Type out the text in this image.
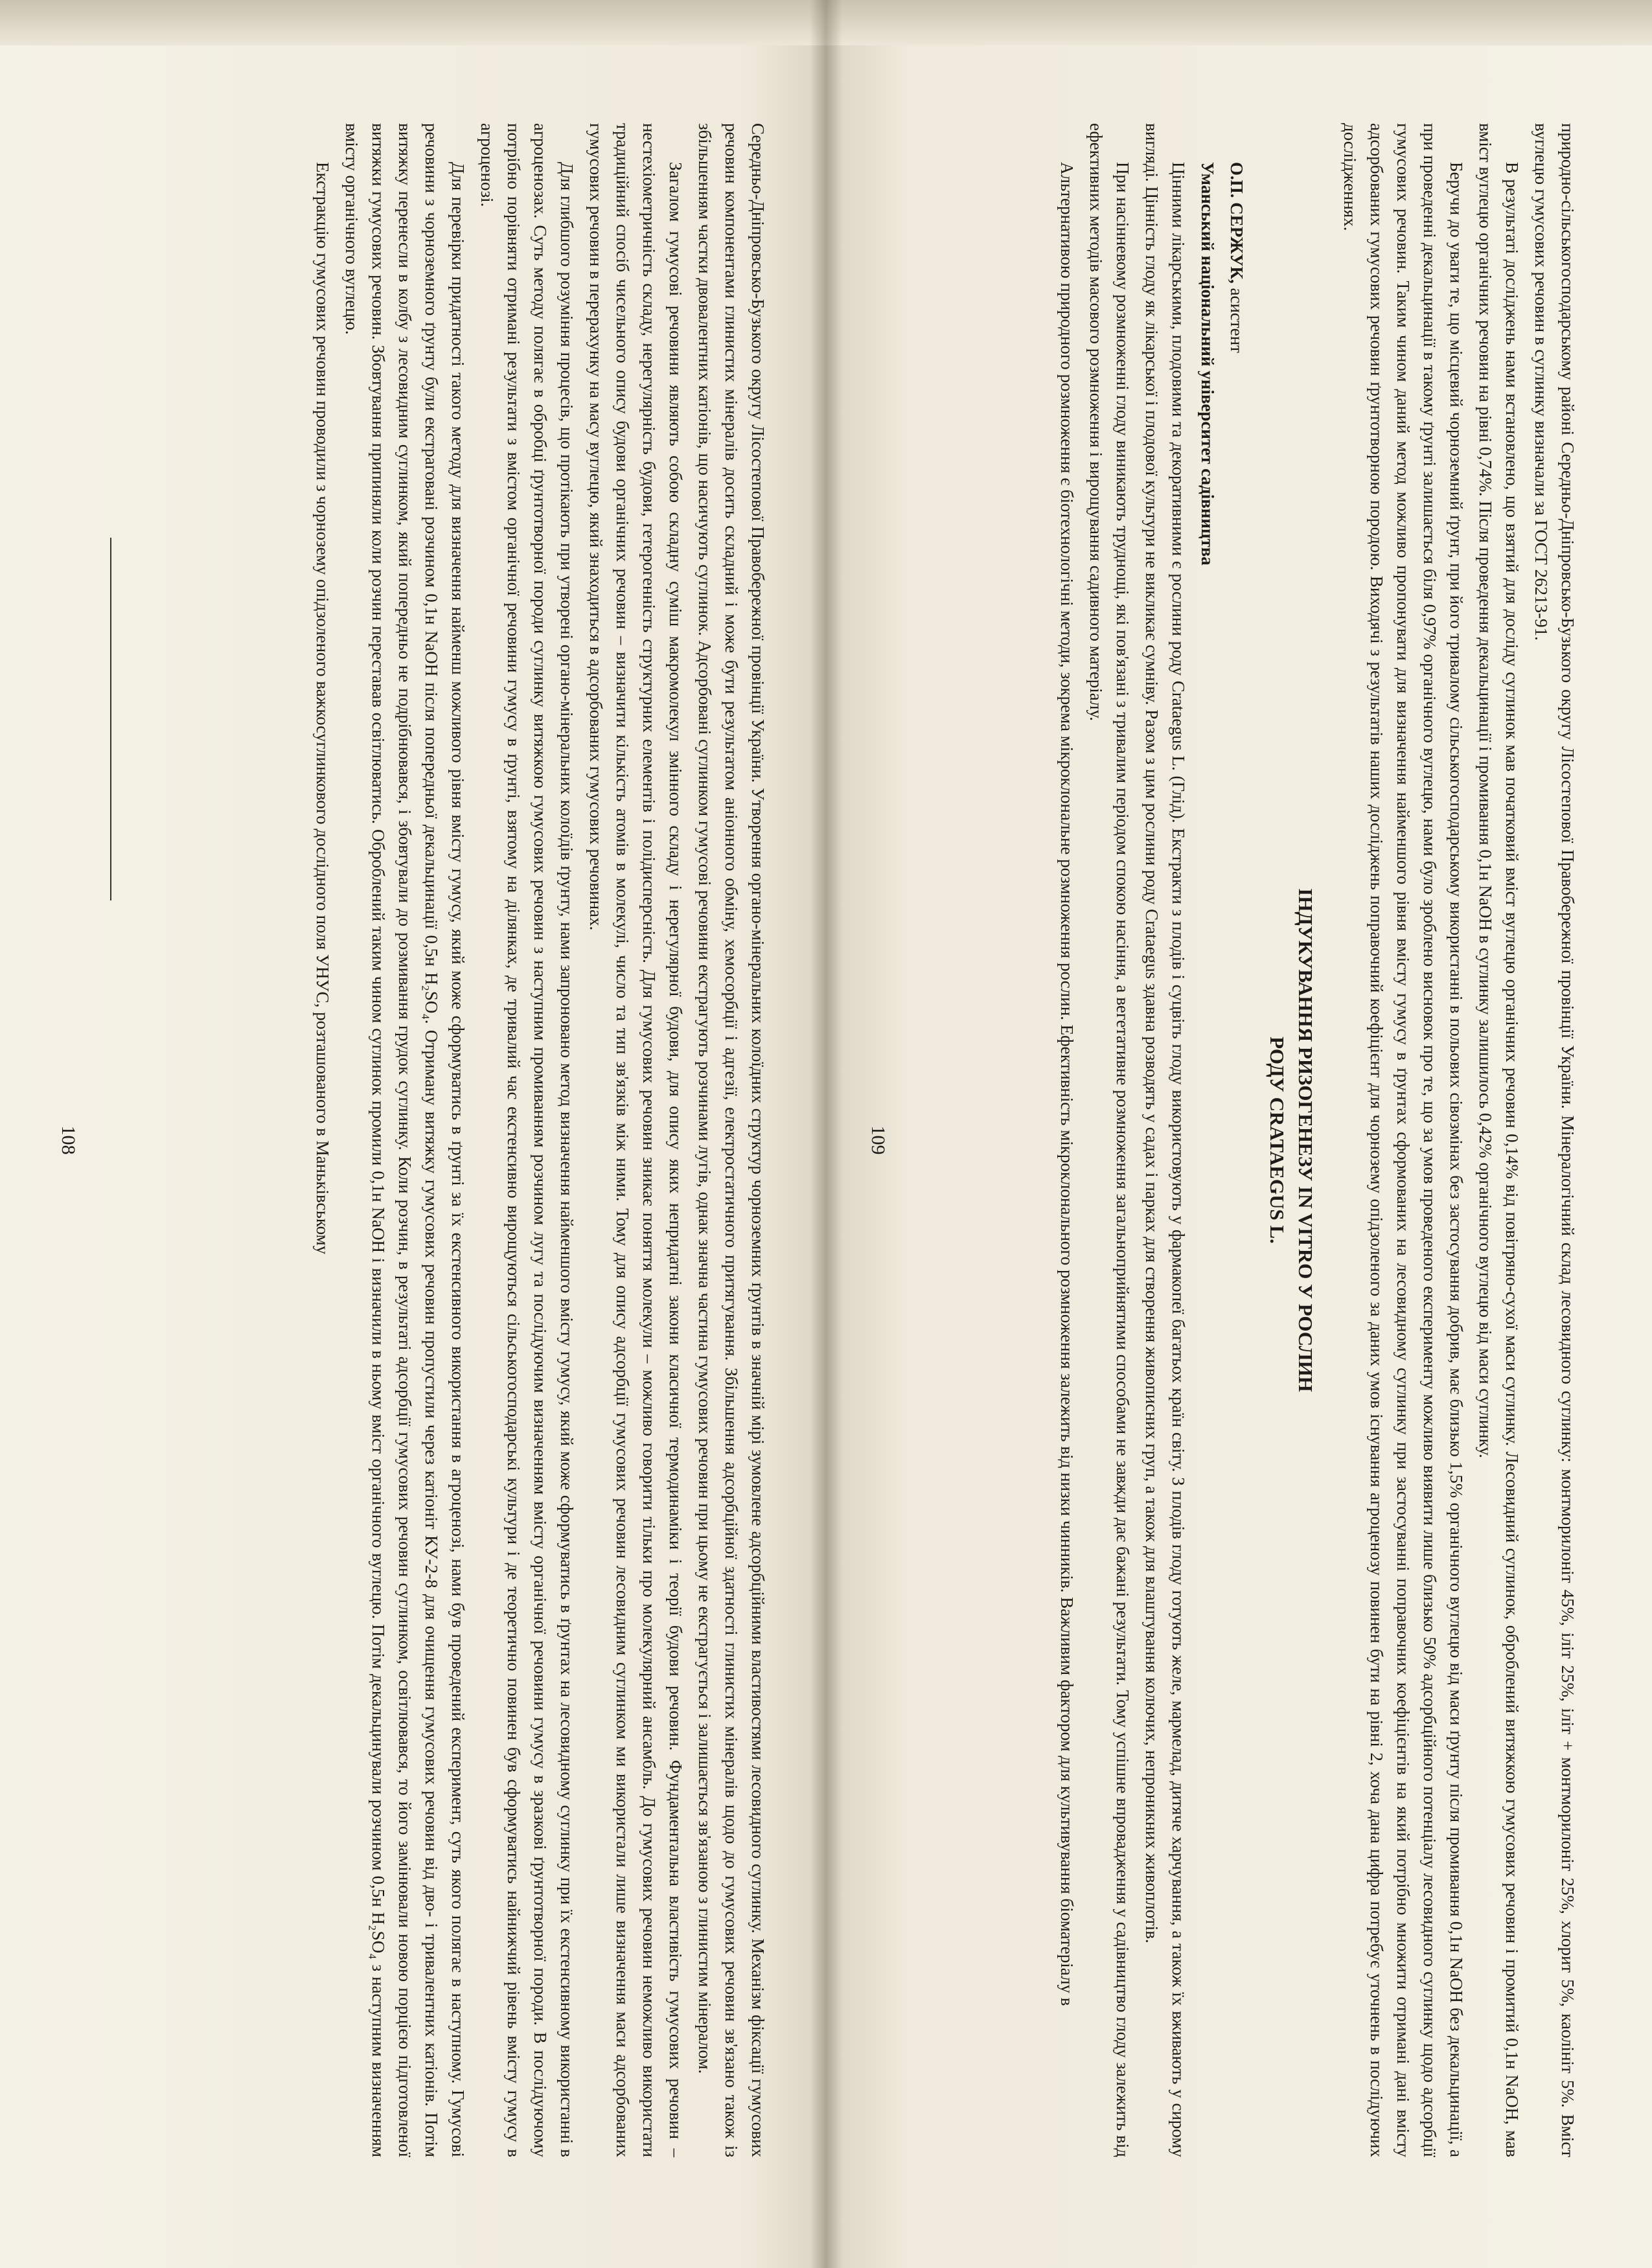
Середньо-Дніпровсько-Бузького округу Лісостепової Правобережної провінції України. Утворення органо-мінеральних колоїдних структур чорноземних ґрунтів в значній мірі зумовлене адсорбційними властивостями лесовидного суглинку. Механізм фіксації гумусових речовин компонентами глинистих мінералів досить складний і може бути результатом аніонного обміну, хемосорбції і адгезії, електростатичного притягування. Збільшення адсорбційної здатності глинистих мінералів щодо до гумусових речовин зв'язано також із збільшенням частки двовалентних катіонів, що насичують суглинок. Адсорбовані суглинком гумусові речовини екстрагують розчинами лугів, однак значна частина гумусових речовин при цьому не екстрагується і залишається зв'язаною з глинистим мінералом.

Загалом гумусові речовини являють собою складну суміш макромолекул змінного складу і нерегулярної будови, для опису яких непридатні закони класичної термодинаміки і теорії будови речовин. Фундаментальна властивість гумусових речовин – нестехіометричність складу, нерегулярність будови, гетерогенність структурних елементів і полідисперсність. Для гумусових речовин зникає поняття молекули – можливо говорити тільки про молекулярний ансамбль. До гумусових речовин неможливо використати традиційний спосіб чисельного опису будови органічних речовин – визначити кількість атомів в молекулі, число та тип зв'язків між ними. Тому для опису адсорбції гумусових речовин лесовидним суглинком ми використали лише визначення маси адсорбованих гумусових речовин в перерахунку на масу вуглецю, який знаходиться в адсорбованих гумусових речовинах.

Для глибшого розуміння процесів, що протікають при утворені органо-мінеральних колоїдів ґрунту, нами запроновано метод визначення найменшого вмісту гумусу, який може сформуватись в ґрунтах на лесовидному суглинку при їх екстенсивному використанні в агроценозах. Суть методу полягає в обробці ґрунтотворної породи суглинку витяжкою гумусових речовин з наступним промиванням розчином лугу та послідуючим визначенням вмісту органічної речовини гумусу в зразкові ґрунтотворної породи. В послідуючому потрібно порівняти отримані результати з вмістом органічної речовини гумусу в ґрунті, взятому на ділянках, де тривалий час екстенсивно вирощуються сільськогосподарські культури і де теоретично повинен був сформуватись найнижчий рівень вмісту гумусу в агроценозі.

Для перевірки придатності такого методу для визначення найменш можливого рівня вмісту гумусу, який може сформуватись в ґрунті за їх екстенсивного використання в агроценозі, нами був проведений експеримент, суть якого полягає в наступному. Гумусові речовини з чорноземного ґрунту були екстраговані розчином 0,1н NaOH після попередньої декальцинації 0,5н H₂SO₄. Отриману витяжку гумусових речовин пропустили через катіоніт КУ-2-8 для очищення гумусових речовин від дво- і тривалентних катіонів. Потім витяжку перенесли в колбу з лесовидним суглинком, який попередньо не подрібнювався, і збовтували до розмивання грудок суглинку. Коли розчин, в результаті адсорбції гумусових речовин суглинком, освітлювався, то його замінювали новою порцією підготовленої витяжки гумусових речовин. Збовтування припиняли коли розчин переставав освітлюватись. Оброблений таким чином суглинок промили 0,1н NaOH і визначили в ньому вміст органічного вуглецю. Потім декальцинували розчином 0,5н H₂SO₄ з наступним визначенням вмісту органічного вуглецю.

Екстракцію гумусових речовин проводили з чорнозему опідзоленого важкосуглинкового дослідного поля УНУС, розташованого в Маньківському

108	природно-сільськогосподарському районі Середньо-Дніпровсько-Бузького округу Лісостепової Правобережної провінції України. Мінералогічний склад лесовидного суглинку: монтморилоніт 45%, іліт 25%, іліт + монтморилоніт 25%, хлорит 5%, каолініт 5%. Вміст вуглецю гумусових речовин в суглинку визначали за ГОСТ 26213-91.

В результаті досліджень нами встановлено, що взятий для досліду суглинок мав початковий вміст вуглецю органічних речовин 0,14% від повітряно-сухої маси суглинку. Лесовидний суглинок, оброблений витяжкою гумусових речовин і промитий 0,1н NaOH, мав вміст вуглецю органічних речовин на рівні 0,74%. Після проведення декальцинації і промивання 0,1н NaOH в суглинку залишилось 0,42% органічного вуглецю від маси суглинку.

Беручи до уваги те, що місцевий чорноземний ґрунт, при його тривалому сільськогосподарському використанні в польових сівозмінах без застосування добрив, має близько 1,5% органічного вуглецю від маси ґрунту після промивання 0,1н NaOH без декальцинації, а при проведенні декальцинації в такому ґрунті залишається біля 0,97% органічного вуглецю, нами було зроблено висновок про те, що за умов проведеного експерименту можливо виявити лише близько 50% адсорбційного потенціалу лесовидного суглинку щодо адсорбції гумусових речовин. Таким чином даний метод можливо пропонувати для визначення найменшого рівня вмісту гумусу в ґрунтах сформованих на лесовидному суглинку при застосуванні поправочних коефіцієнтів на який потрібно множити отримані дані вмісту адсорбованих гумусових речовин ґрунтотворною породою. Виходячі з результатів наших досліджень поправочний коефіцієнт для чорнозему опідзоленого за даних умов існування агроценозу повинен бути на рівні 2, хоча дана цифра потребує уточнень в послідуючих дослідженнях.

ІНДУКУВАННЯ РИЗОГЕНЕЗУ IN VITRO У РОСЛИН
РОДУ CRATAEGUS L.

О.П. СЕРЖУК, асистент

Уманський національний університет садівництва

Цінними лікарськими, плодовими та декоративними є рослини роду Crataegus L. (Глід). Екстракти з плодів і суцвіть глоду використовують у фармакопеї багатьох країн світу. З плодів глоду готують желе, мармелад, дитяче харчування, а також їх вживають у сирому вигляді. Цінність глоду як лікарської і плодової культури не викликає сумніву. Разом з цим рослини роду Crataegus здавна розводять у садах і парках для створення живописних груп, а також для влаштування колючих, непроникних живоплотів.

При насінневому розмноженні глоду виникають труднощі, які пов'язані з тривалим періодом спокою насіння, а вегетативне розмноження загальноприйнятими способами не завжди дає бажані результати. Тому успішне впровадження у садівництво глоду залежить від ефективних методів масового розмноження і вирощування садивного матеріалу.

Альтернативою природного розмноження є біотехнологічні методи, зокрема мікроклональне розмноження рослин. Ефективність мікроклонального розмноження залежить від низки чинників. Важливим фактором для культивування біоматеріалу в

109
